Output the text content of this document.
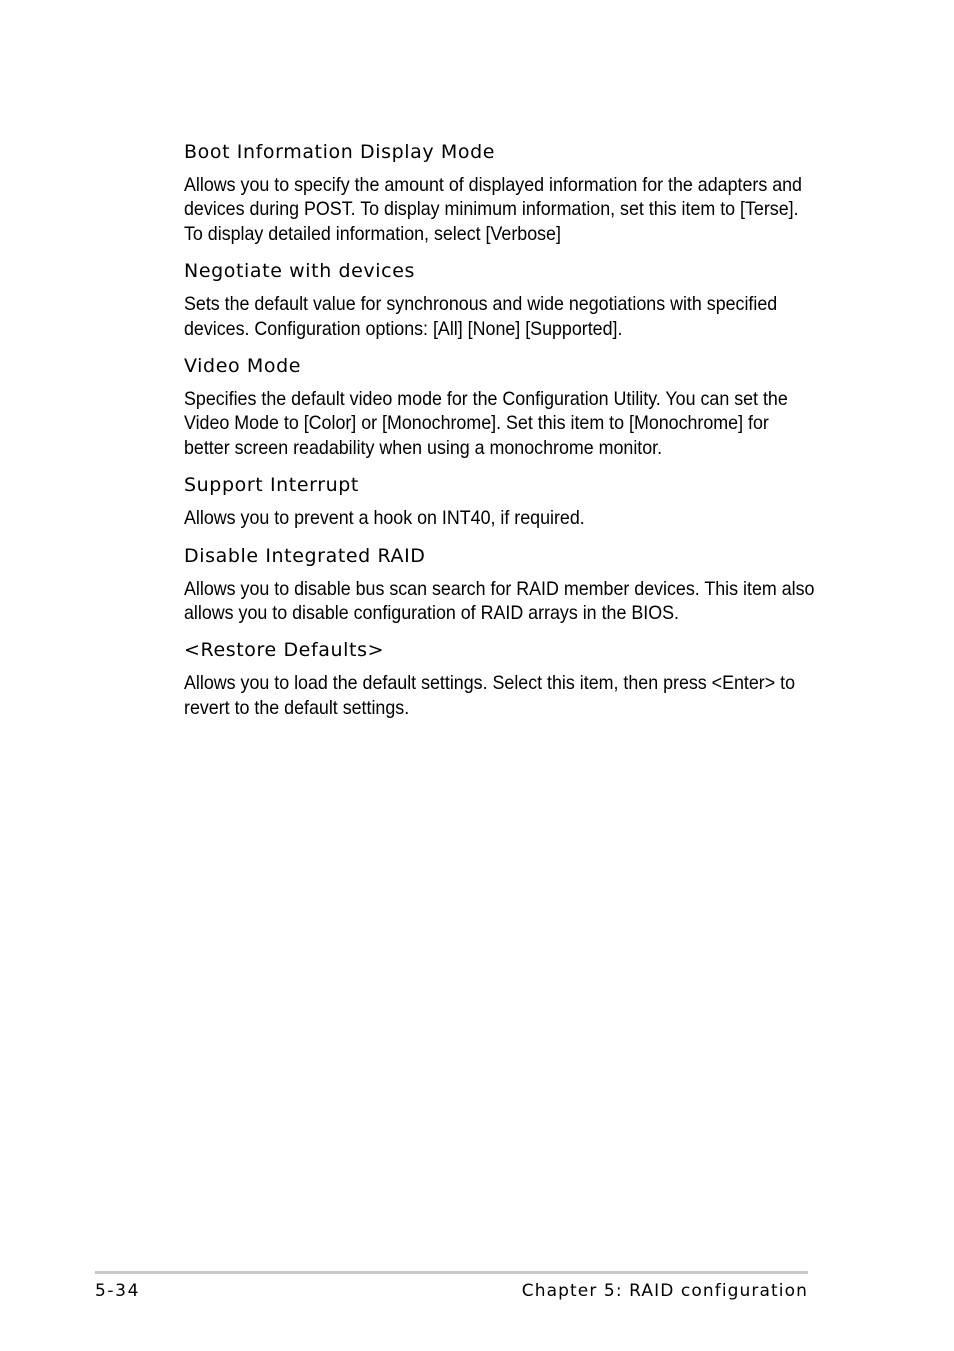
Boot Information Display Mode

Allows you to specify the amount of displayed information for the adapters and devices during POST. To display minimum information, set this item to [Terse]. To display detailed information, select [Verbose]

Negotiate with devices

Sets the default value for synchronous and wide negotiations with specified devices. Configuration options: [All] [None] [Supported].

Video Mode

Specifies the default video mode for the Configuration Utility. You can set the Video Mode to [Color] or [Monochrome]. Set this item to [Monochrome] for better screen readability when using a monochrome monitor.

Support Interrupt

Allows you to prevent a hook on INT40, if required.

Disable Integrated RAID

Allows you to disable bus scan search for RAID member devices. This item also allows you to disable configuration of RAID arrays in the BIOS.

<Restore Defaults>

Allows you to load the default settings. Select this item, then press <Enter> to revert to the default settings.

5-34	Chapter 5: RAID configuration
